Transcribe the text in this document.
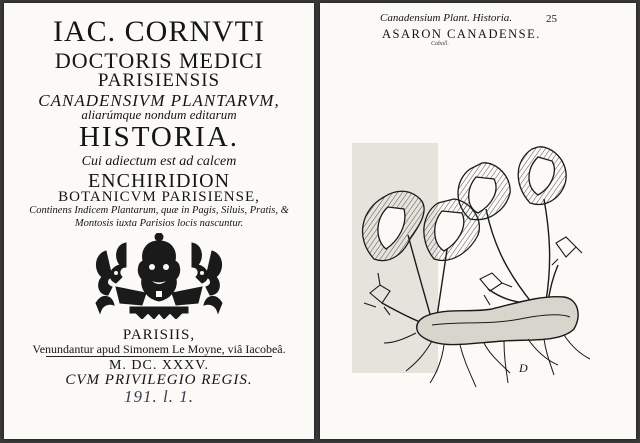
IAC. CORNVTI
DOCTORIS MEDICI
PARISIENSIS
CANADENSIVM PLANTARVM,
aliarúmque nondum editarum
HISTORIA.
Cui adiectum est ad calcem
ENCHIRIDION
BOTANICVM PARISIENSE,
Continens Indicem Plantarum, quæ in Pagis, Siluis, Pratis, &
Montosis iuxta Parisios locis nascuntur.
PARISIIS,
Venundantur apud Simonem Le Moyne, viâ Iacobeâ.
M. DC. XXXV.
CVM PRIVILEGIO REGIS.
191. l. 1.
Canadensium Plant. Historia.	25
ASARON CANADENSE.
Caball.
D
